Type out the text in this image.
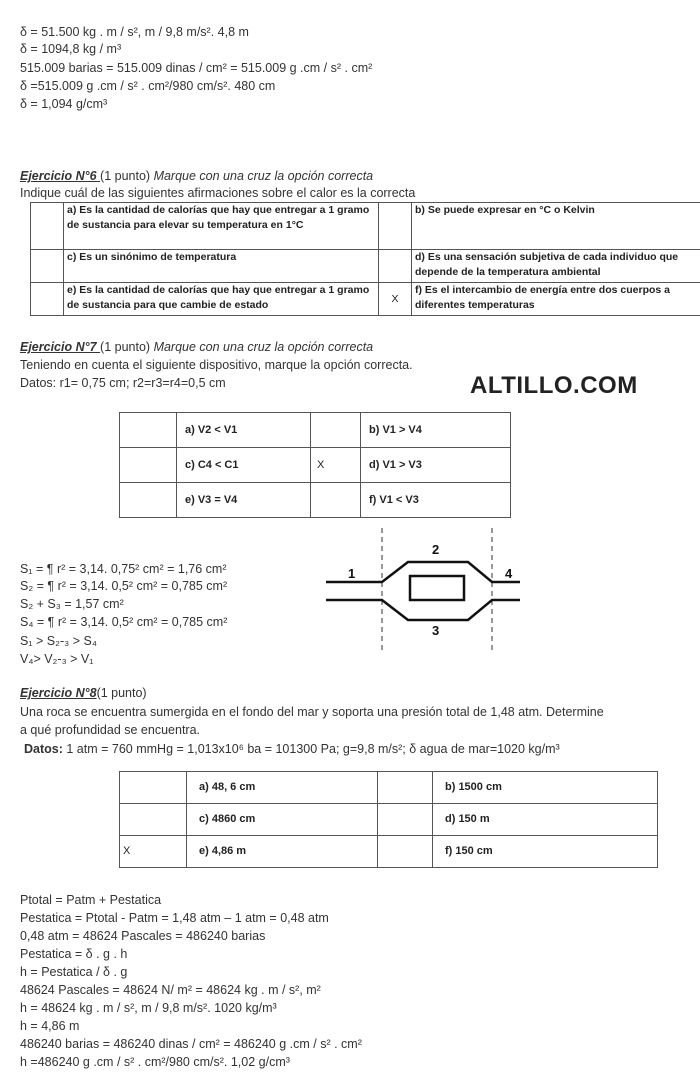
δ = 51.500 kg . m / s², m / 9,8 m/s². 4,8 m
δ = 1094,8 kg / m³
515.009 barias = 515.009 dinas / cm² = 515.009 g .cm / s² . cm²
δ =515.009 g .cm / s² . cm²/980 cm/s². 480 cm
δ = 1,094 g/cm³
Ejercicio N°6 (1 punto) Marque con una cruz la opción correcta
Indique cuál de las siguientes afirmaciones sobre el calor es la correcta
	a) Es la cantidad de calorías que hay que entregar a 1 gramo de sustancia para elevar su temperatura en 1°C		b) Se puede expresar en °C o Kelvin
	c) Es un sinónimo de temperatura		d) Es una sensación subjetiva de cada individuo que depende de la temperatura ambiental
	e) Es la cantidad de calorías que hay que entregar a 1 gramo de sustancia para que cambie de estado	X	f) Es el intercambio de energía entre dos cuerpos a diferentes temperaturas
Ejercicio N°7 (1 punto) Marque con una cruz la opción correcta
Teniendo en cuenta el siguiente dispositivo, marque la opción correcta.
Datos: r1= 0,75 cm; r2=r3=r4=0,5 cm	ALTILLO.COM
	a) V2 < V1		b) V1 > V4
	c) C4 < C1	X	d) V1 > V3
	e) V3 = V4		f) V1 < V3
S₁ = ¶ r² = 3,14. 0,75² cm² = 1,76 cm²
S₂ = ¶ r² = 3,14. 0,5² cm² = 0,785 cm²
S₂ + S₃ = 1,57 cm²
S₄ = ¶ r² = 3,14. 0,5² cm² = 0,785 cm²
S₁ > S₂-₃ > S₄
V₄> V₂-₃ > V₁
1
2
3
4
Ejercicio N°8(1 punto)
Una roca se encuentra sumergida en el fondo del mar y soporta una presión total de 1,48 atm. Determine
a qué profundidad se encuentra.
Datos: 1 atm = 760 mmHg = 1,013x10⁶ ba = 101300 Pa; g=9,8 m/s²; δ agua de mar=1020 kg/m³
	a) 48, 6 cm		b) 1500 cm
	c) 4860 cm		d) 150 m
X	e) 4,86 m		f) 150 cm
Ptotal = Patm + Pestatica
Pestatica = Ptotal - Patm = 1,48 atm – 1 atm = 0,48 atm
0,48 atm = 48624 Pascales = 486240 barias
Pestatica = δ . g . h
h = Pestatica / δ . g
48624 Pascales = 48624 N/ m² = 48624 kg . m / s², m²
h = 48624 kg . m / s², m / 9,8 m/s². 1020 kg/m³
h = 4,86 m
486240 barias = 486240 dinas / cm² = 486240 g .cm / s² . cm²
h =486240 g .cm / s² . cm²/980 cm/s². 1,02 g/cm³
